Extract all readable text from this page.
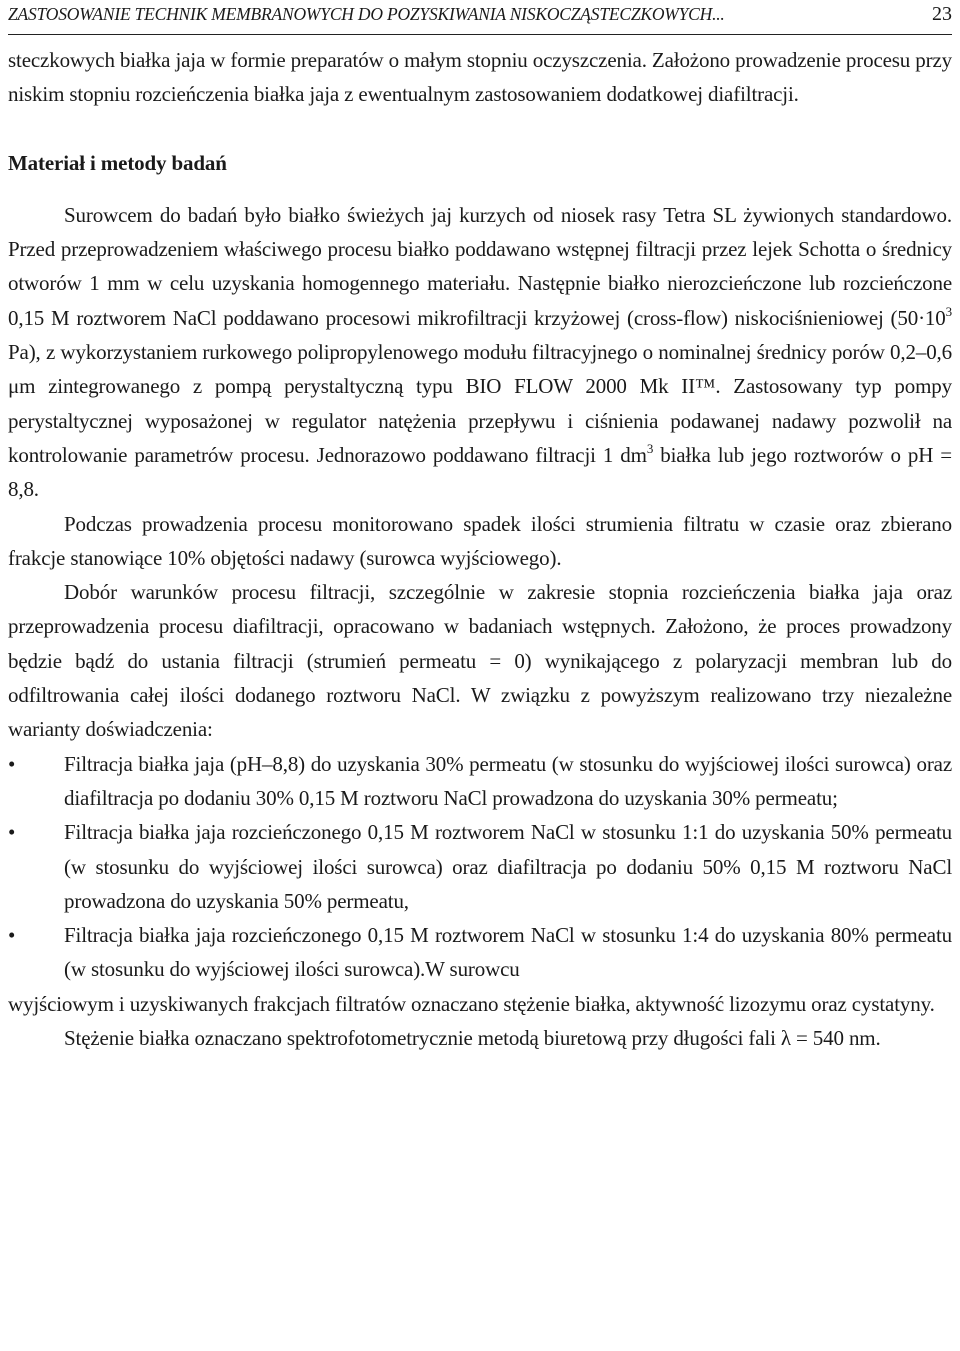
ZASTOSOWANIE TECHNIK MEMBRANOWYCH DO POZYSKIWANIA NISKOCZĄSTECZKOWYCH...	23

steczkowych białka jaja w formie preparatów o małym stopniu oczyszczenia. Założono prowadzenie procesu przy niskim stopniu rozcieńczenia białka jaja z ewentualnym zastosowaniem dodatkowej diafiltracji.

Materiał i metody badań

Surowcem do badań było białko świeżych jaj kurzych od niosek rasy Tetra SL żywionych standardowo. Przed przeprowadzeniem właściwego procesu białko poddawano wstępnej filtracji przez lejek Schotta o średnicy otworów 1 mm w celu uzyskania homogennego materiału. Następnie białko nierozcieńczone lub rozcieńczone 0,15 M roztworem NaCl poddawano procesowi mikrofiltracji krzyżowej (cross-flow) niskociśnieniowej ($50\cdot 10^3$ Pa), z wykorzystaniem rurkowego polipropylenowego modułu filtracyjnego o nominalnej średnicy porów 0,2–0,6 μm zintegrowanego z pompą perystaltyczną typu BIO FLOW 2000 Mk II™. Zastosowany typ pompy perystaltycznej wyposażonej w regulator natężenia przepływu i ciśnienia podawanej nadawy pozwolił na kontrolowanie parametrów procesu. Jednorazowo poddawano filtracji 1 $dm^3$ białka lub jego roztworów o pH = 8,8.

Podczas prowadzenia procesu monitorowano spadek ilości strumienia filtratu w czasie oraz zbierano frakcje stanowiące 10% objętości nadawy (surowca wyjściowego).

Dobór warunków procesu filtracji, szczególnie w zakresie stopnia rozcieńczenia białka jaja oraz przeprowadzenia procesu diafiltracji, opracowano w badaniach wstępnych. Założono, że proces prowadzony będzie bądź do ustania filtracji (strumień permeatu = 0) wynikającego z polaryzacji membran lub do odfiltrowania całej ilości dodanego roztworu NaCl. W związku z powyższym realizowano trzy niezależne warianty doświadczenia:

•	Filtracja białka jaja (pH–8,8) do uzyskania 30% permeatu (w stosunku do wyjściowej ilości surowca) oraz diafiltracja po dodaniu 30% 0,15 M roztworu NaCl prowadzona do uzyskania 30% permeatu;
•	Filtracja białka jaja rozcieńczonego 0,15 M roztworem NaCl w stosunku 1:1 do uzyskania 50% permeatu (w stosunku do wyjściowej ilości surowca) oraz diafiltracja po dodaniu 50% 0,15 M roztworu NaCl prowadzona do uzyskania 50% permeatu,
•	Filtracja białka jaja rozcieńczonego 0,15 M roztworem NaCl w stosunku 1:4 do uzyskania 80% permeatu (w stosunku do wyjściowej ilości surowca).W surowcu

wyjściowym i uzyskiwanych frakcjach filtratów oznaczano stężenie białka, aktywność lizozymu oraz cystatyny.

Stężenie białka oznaczano spektrofotometrycznie metodą biuretową przy długości fali λ = 540 nm.
